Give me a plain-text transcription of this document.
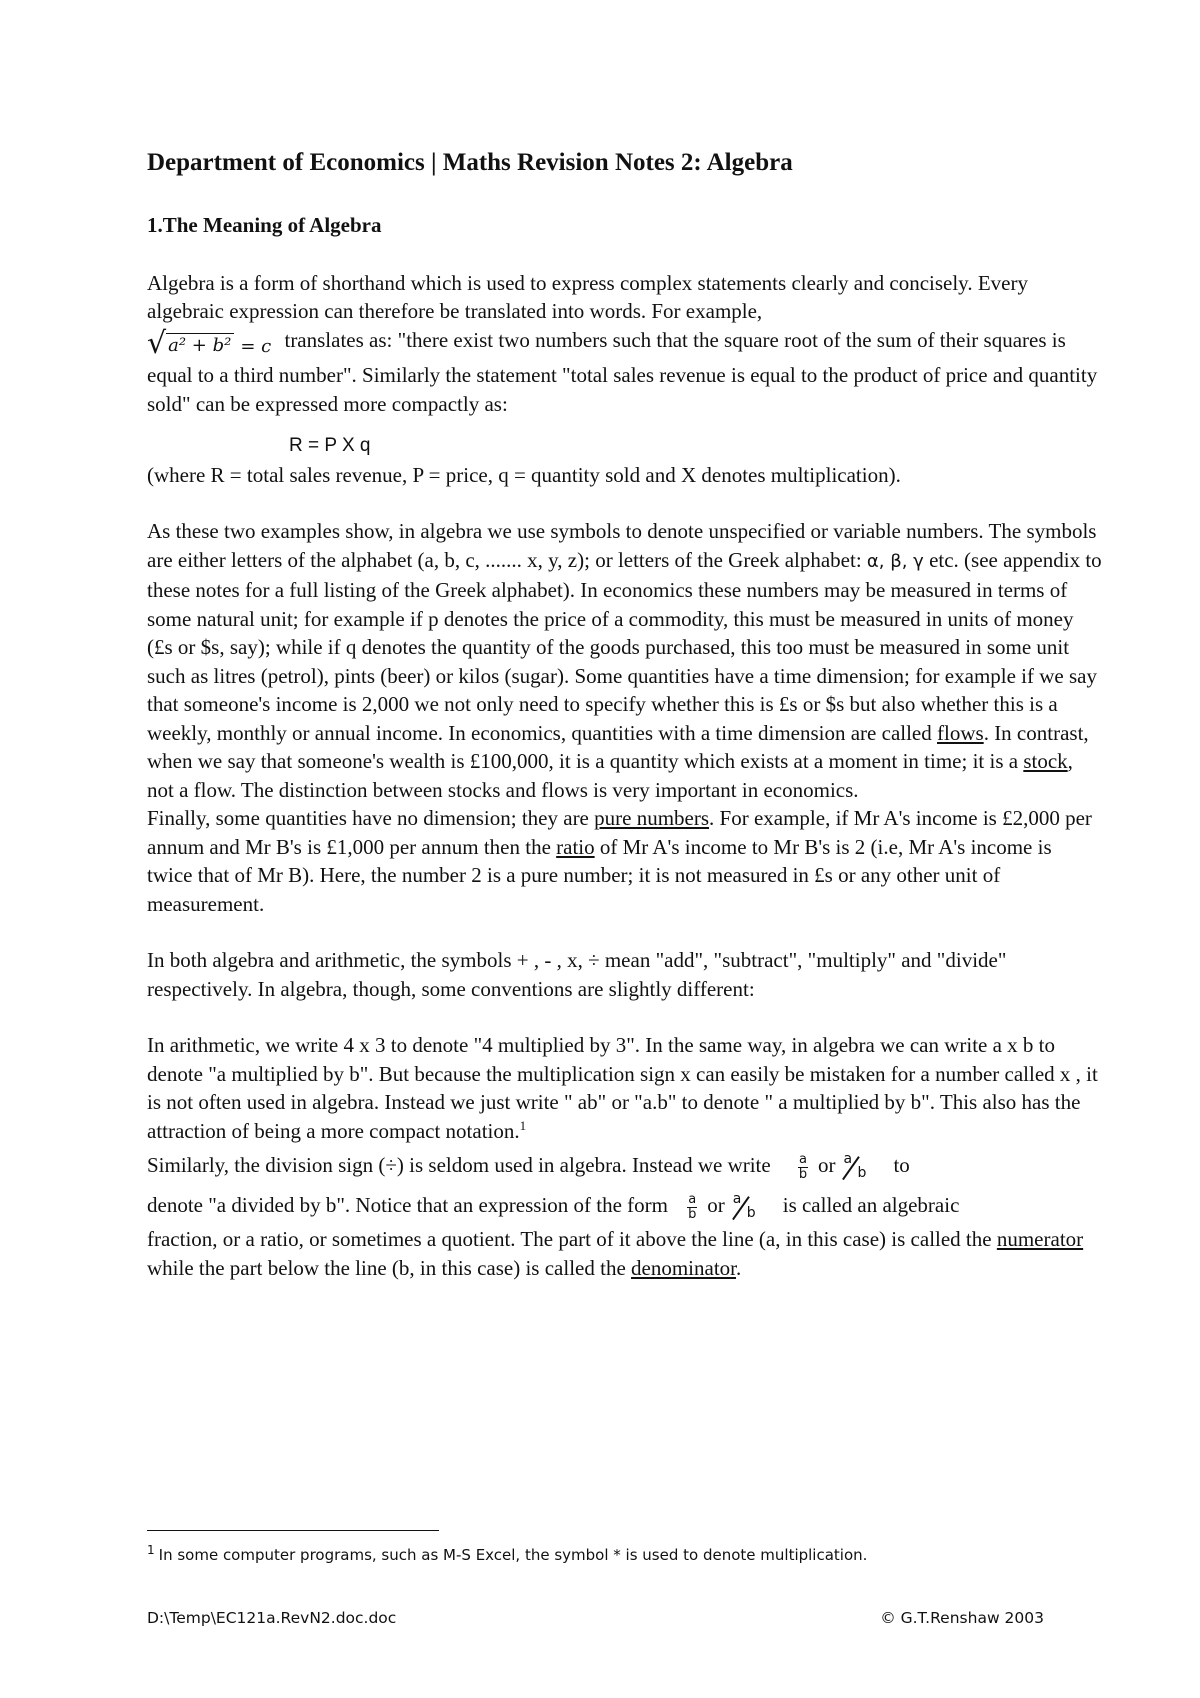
Department of Economics | Maths Revision Notes 2: Algebra
1.The Meaning of Algebra

Algebra is a form of shorthand which is used to express complex statements clearly and concisely. Every algebraic expression can therefore be translated into words. For example,

√ a² + b² = c translates as: "there exist two numbers such that the square root of the sum of their squares is equal to a third number". Similarly the statement "total sales revenue is equal to the product of price and quantity sold" can be expressed more compactly as:

R = P X q

(where R = total sales revenue, P = price, q = quantity sold and X denotes multiplication).

As these two examples show, in algebra we use symbols to denote unspecified or variable numbers. The symbols are either letters of the alphabet (a, b, c, ....... x, y, z); or letters of the Greek alphabet: α, β, γ etc. (see appendix to these notes for a full listing of the Greek alphabet). In economics these numbers may be measured in terms of some natural unit; for example if p denotes the price of a commodity, this must be measured in units of money (£s or $s, say); while if q denotes the quantity of the goods purchased, this too must be measured in some unit such as litres (petrol), pints (beer) or kilos (sugar). Some quantities have a time dimension; for example if we say that someone's income is 2,000 we not only need to specify whether this is £s or $s but also whether this is a weekly, monthly or annual income. In economics, quantities with a time dimension are called flows. In contrast, when we say that someone's wealth is £100,000, it is a quantity which exists at a moment in time; it is a stock, not a flow. The distinction between stocks and flows is very important in economics.

Finally, some quantities have no dimension; they are pure numbers. For example, if Mr A's income is £2,000 per annum and Mr B's is £1,000 per annum then the ratio of Mr A's income to Mr B's is 2 (i.e, Mr A's income is twice that of Mr B). Here, the number 2 is a pure number; it is not measured in £s or any other unit of measurement.

In both algebra and arithmetic, the symbols + , - , x, ÷ mean "add", "subtract", "multiply" and "divide" respectively. In algebra, though, some conventions are slightly different:

In arithmetic, we write 4 x 3 to denote "4 multiplied by 3". In the same way, in algebra we can write a x b to denote "a multiplied by b". But because the multiplication sign x can easily be mistaken for a number called x , it is not often used in algebra. Instead we just write " ab" or "a.b" to denote " a multiplied by b". This also has the attraction of being a more compact notation.$^1$

Similarly, the division sign (÷) is seldom used in algebra. Instead we write $\frac{a}{b}$ or a
b to

denote "a divided by b". Notice that an expression of the form $\frac{a}{b}$ or a
b is called an algebraic

fraction, or a ratio, or sometimes a quotient. The part of it above the line (a, in this case) is called the numerator while the part below the line (b, in this case) is called the denominator.

$^1$ In some computer programs, such as M-S Excel, the symbol * is used to denote multiplication.
D:\Temp\EC121a.RevN2.doc.doc	© G.T.Renshaw 2003
